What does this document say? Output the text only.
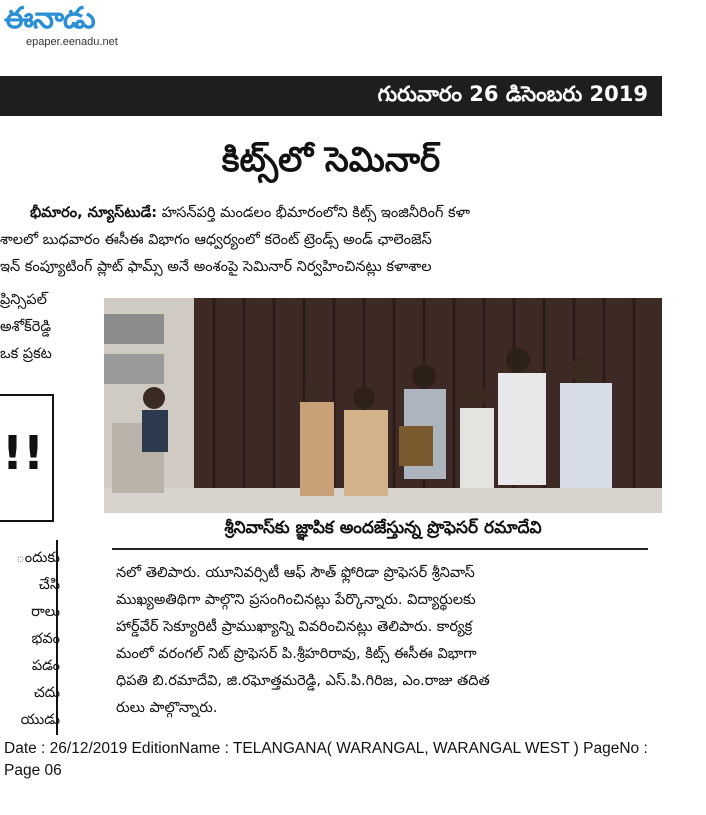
ఈనాడు
epaper.eenadu.net
గురువారం 26 డిసెంబరు 2019
కిట్స్‌లో సెమినార్

భీమారం, న్యూస్‌టుడే: హసన్‌పర్తి మండలం భీమారంలోని కిట్స్ ఇంజినీరింగ్ కళా

శాలలో బుధవారం ఈసీఈ విభాగం ఆధ్వర్యంలో కరెంట్ ట్రెండ్స్ అండ్ ఛాలెంజెస్

ఇన్ కంప్యూటింగ్ ప్లాట్ ఫామ్స్ అనే అంశంపై సెమినార్ నిర్వహించినట్లు కళాశాల

ప్రిన్సిపల్

అశోక్‌రెడ్డి

ఒక ప్రకట

శ్రీనివాస్‌కు జ్ఞాపిక అందజేస్తున్న ప్రొఫెసర్ రమాదేవి

నలో తెలిపారు. యూనివర్సిటీ ఆఫ్ సౌత్ ఫ్లోరిడా ప్రొఫెసర్ శ్రీనివాస్

ముఖ్యఅతిథిగా పాల్గొని ప్రసంగించినట్లు పేర్కొన్నారు. విద్యార్థులకు

హార్డ్‌వేర్ సెక్యూరిటీ ప్రాముఖ్యాన్ని వివరించినట్లు తెలిపారు. కార్యక్ర

మంలో వరంగల్ నిట్ ప్రొఫెసర్ పి.శ్రీహరిరావు, కిట్స్ ఈసీఈ విభాగా

ధిపతి బి.రమాదేవి, జి.రఘోత్తమరెడ్డి, ఎస్.పి.గిరిజ, ఎం.రాజు తదిత

రులు పాల్గొన్నారు.

!!

ందుకు

చేసి

రాలు

భవం

పడం

చదు

యుడు

Date : 26/12/2019 EditionName : TELANGANA( WARANGAL, WARANGAL WEST ) PageNo :

Page 06
